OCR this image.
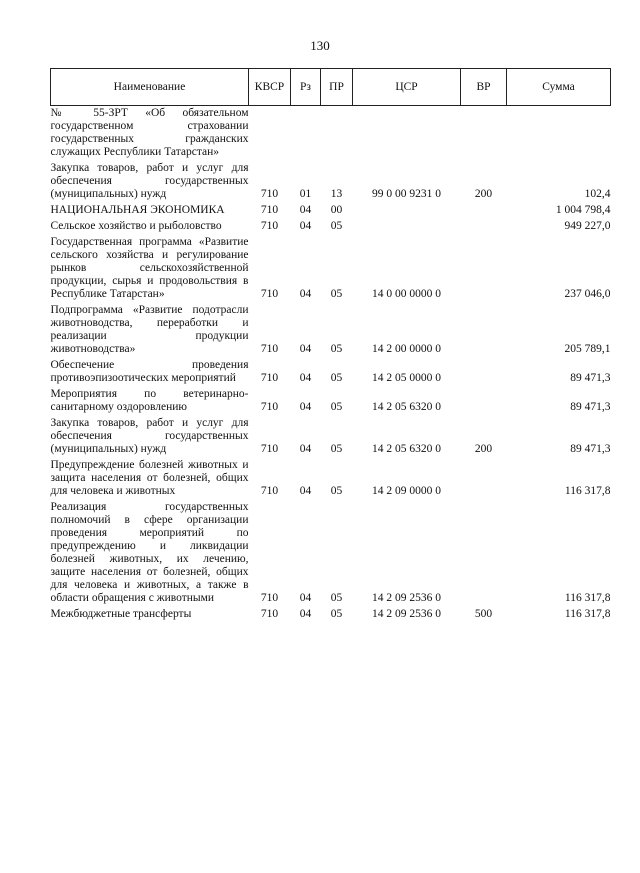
130
Наименование	КВСР	Рз	ПР	ЦСР	ВР	Сумма
№ 55-ЗРТ «Об обязательном государственном страховании государственных гражданских служащих Республики Татарстан»						
Закупка товаров, работ и услуг для обеспечения государственных (муниципальных) нужд	710	01	13	99 0 00 9231 0	200	102,4
НАЦИОНАЛЬНАЯ ЭКОНОМИКА	710	04	00			1 004 798,4
Сельское хозяйство и рыболовство	710	04	05			949 227,0
Государственная программа «Развитие сельского хозяйства и регулирование рынков сельскохозяйственной продукции, сырья и продовольствия в Республике Татарстан»	710	04	05	14 0 00 0000 0		237 046,0
Подпрограмма «Развитие подотрасли животноводства, переработки и реализации продукции животноводства»	710	04	05	14 2 00 0000 0		205 789,1
Обеспечение проведения противоэпизоотических мероприятий	710	04	05	14 2 05 0000 0		89 471,3
Мероприятия по ветеринарно-санитарному оздоровлению	710	04	05	14 2 05 6320 0		89 471,3
Закупка товаров, работ и услуг для обеспечения государственных (муниципальных) нужд	710	04	05	14 2 05 6320 0	200	89 471,3
Предупреждение болезней животных и защита населения от болезней, общих для человека и животных	710	04	05	14 2 09 0000 0		116 317,8
Реализация государственных полномочий в сфере организации проведения мероприятий по предупреждению и ликвидации болезней животных, их лечению, защите населения от болезней, общих для человека и животных, а также в области обращения с животными	710	04	05	14 2 09 2536 0		116 317,8
Межбюджетные трансферты	710	04	05	14 2 09 2536 0	500	116 317,8
